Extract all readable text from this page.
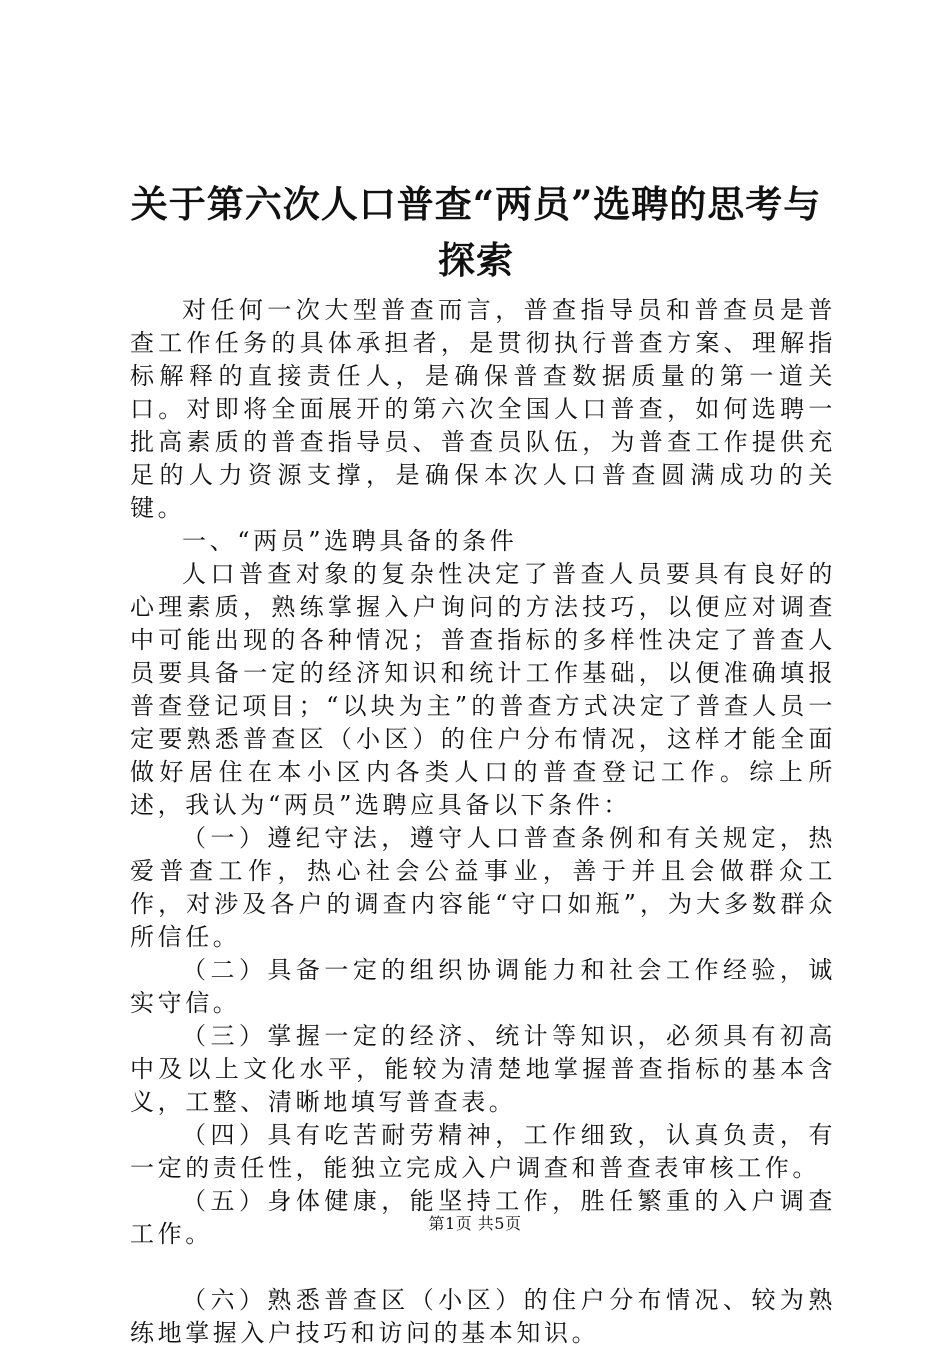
关于第六次人口普查“两员”选聘的思考与探索

对任何一次大型普查而言，普查指导员和普查员是普查工作任务的具体承担者，是贯彻执行普查方案、理解指标解释的直接责任人，是确保普查数据质量的第一道关口。对即将全面展开的第六次全国人口普查，如何选聘一批高素质的普查指导员、普查员队伍，为普查工作提供充足的人力资源支撑，是确保本次人口普查圆满成功的关键。

一、“两员”选聘具备的条件

人口普查对象的复杂性决定了普查人员要具有良好的心理素质，熟练掌握入户询问的方法技巧，以便应对调查中可能出现的各种情况；普查指标的多样性决定了普查人员要具备一定的经济知识和统计工作基础，以便准确填报普查登记项目；“以块为主”的普查方式决定了普查人员一定要熟悉普查区（小区）的住户分布情况，这样才能全面做好居住在本小区内各类人口的普查登记工作。综上所述，我认为“两员”选聘应具备以下条件：

（一）遵纪守法，遵守人口普查条例和有关规定，热爱普查工作，热心社会公益事业，善于并且会做群众工作，对涉及各户的调查内容能“守口如瓶”，为大多数群众所信任。

（二）具备一定的组织协调能力和社会工作经验，诚实守信。

（三）掌握一定的经济、统计等知识，必须具有初高中及以上文化水平，能较为清楚地掌握普查指标的基本含义，工整、清晰地填写普查表。

（四）具有吃苦耐劳精神，工作细致，认真负责，有一定的责任性，能独立完成入户调查和普查表审核工作。

（五）身体健康，能坚持工作，胜任繁重的入户调查工作。

（六）熟悉普查区（小区）的住户分布情况、较为熟练地掌握入户技巧和访问的基本知识。

第1页 共5页
